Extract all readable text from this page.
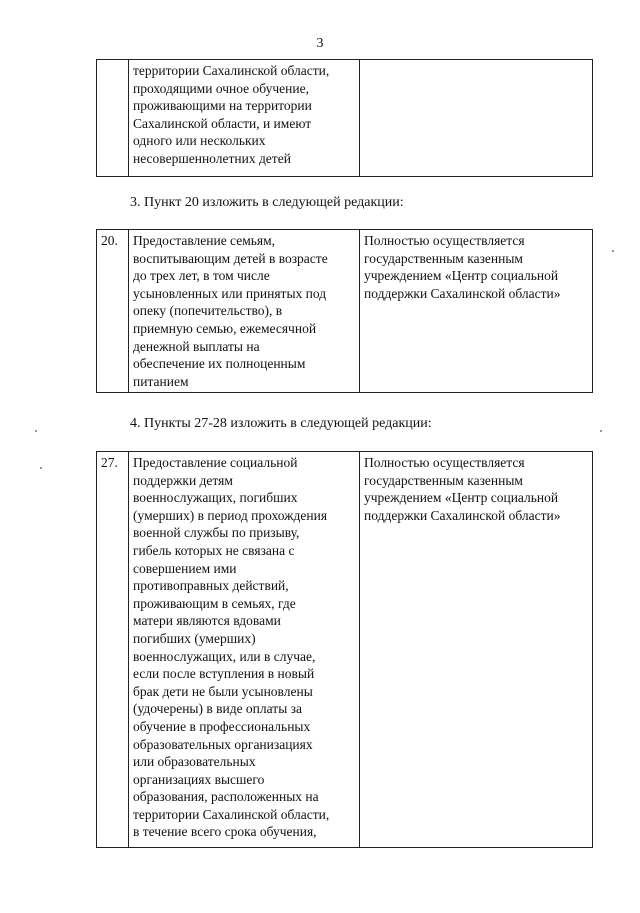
3
	территории Сахалинской области,
проходящими очное обучение,
проживающими на территории
Сахалинской области, и имеют
одного или нескольких
несовершеннолетних детей	
3. Пункт 20 изложить в следующей редакции:
20.	Предоставление семьям,
воспитывающим детей в возрасте
до трех лет, в том числе
усыновленных или принятых под
опеку (попечительство), в
приемную семью, ежемесячной
денежной выплаты на
обеспечение их полноценным
питанием	Полностью осуществляется
государственным казенным
учреждением «Центр социальной
поддержки Сахалинской области»
4. Пункты 27-28 изложить в следующей редакции:
27.	Предоставление социальной
поддержки детям
военнослужащих, погибших
(умерших) в период прохождения
военной службы по призыву,
гибель которых не связана с
совершением ими
противоправных действий,
проживающим в семьях, где
матери являются вдовами
погибших (умерших)
военнослужащих, или в случае,
если после вступления в новый
брак дети не были усыновлены
(удочерены) в виде оплаты за
обучение в профессиональных
образовательных организациях
или образовательных
организациях высшего
образования, расположенных на
территории Сахалинской области,
в течение всего срока обучения,	Полностью осуществляется
государственным казенным
учреждением «Центр социальной
поддержки Сахалинской области»
